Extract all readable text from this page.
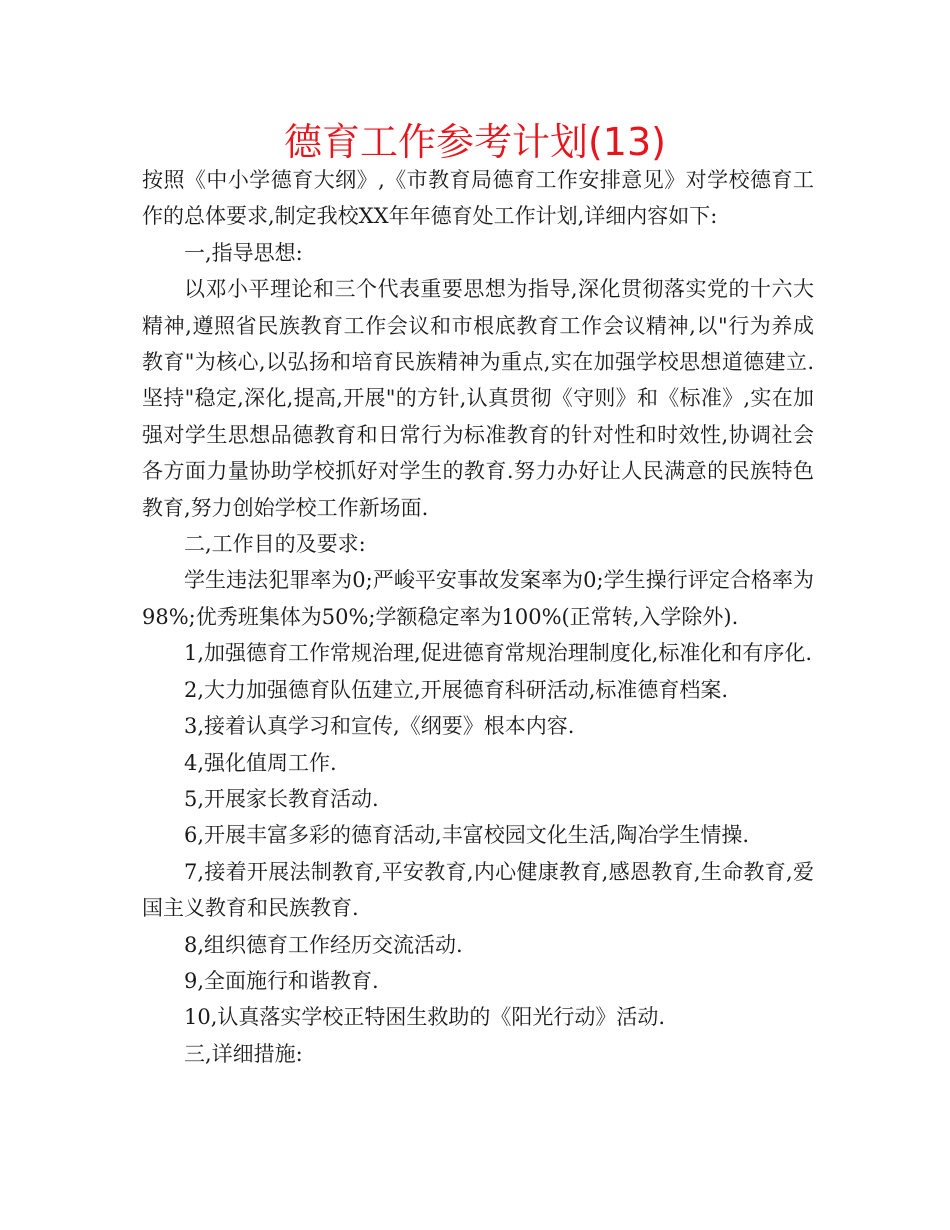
德育工作参考计划(13)

按照《中小学德育大纲》,《市教育局德育工作安排意见》对学校德育工作的总体要求,制定我校XX年年德育处工作计划,详细内容如下:

一,指导思想:

以邓小平理论和三个代表重要思想为指导,深化贯彻落实党的十六大精神,遵照省民族教育工作会议和市根底教育工作会议精神,以"行为养成教育"为核心,以弘扬和培育民族精神为重点,实在加强学校思想道德建立.坚持"稳定,深化,提高,开展"的方针,认真贯彻《守则》和《标准》,实在加强对学生思想品德教育和日常行为标准教育的针对性和时效性,协调社会各方面力量协助学校抓好对学生的教育.努力办好让人民满意的民族特色教育,努力创始学校工作新场面.

二,工作目的及要求:

学生违法犯罪率为0;严峻平安事故发案率为0;学生操行评定合格率为98%;优秀班集体为50%;学额稳定率为100%(正常转,入学除外).

1,加强德育工作常规治理,促进德育常规治理制度化,标准化和有序化.

2,大力加强德育队伍建立,开展德育科研活动,标准德育档案.

3,接着认真学习和宣传,《纲要》根本内容.

4,强化值周工作.

5,开展家长教育活动.

6,开展丰富多彩的德育活动,丰富校园文化生活,陶冶学生情操.

7,接着开展法制教育,平安教育,内心健康教育,感恩教育,生命教育,爱国主义教育和民族教育.

8,组织德育工作经历交流活动.

9,全面施行和谐教育.

10,认真落实学校正特困生救助的《阳光行动》活动.

三,详细措施:
